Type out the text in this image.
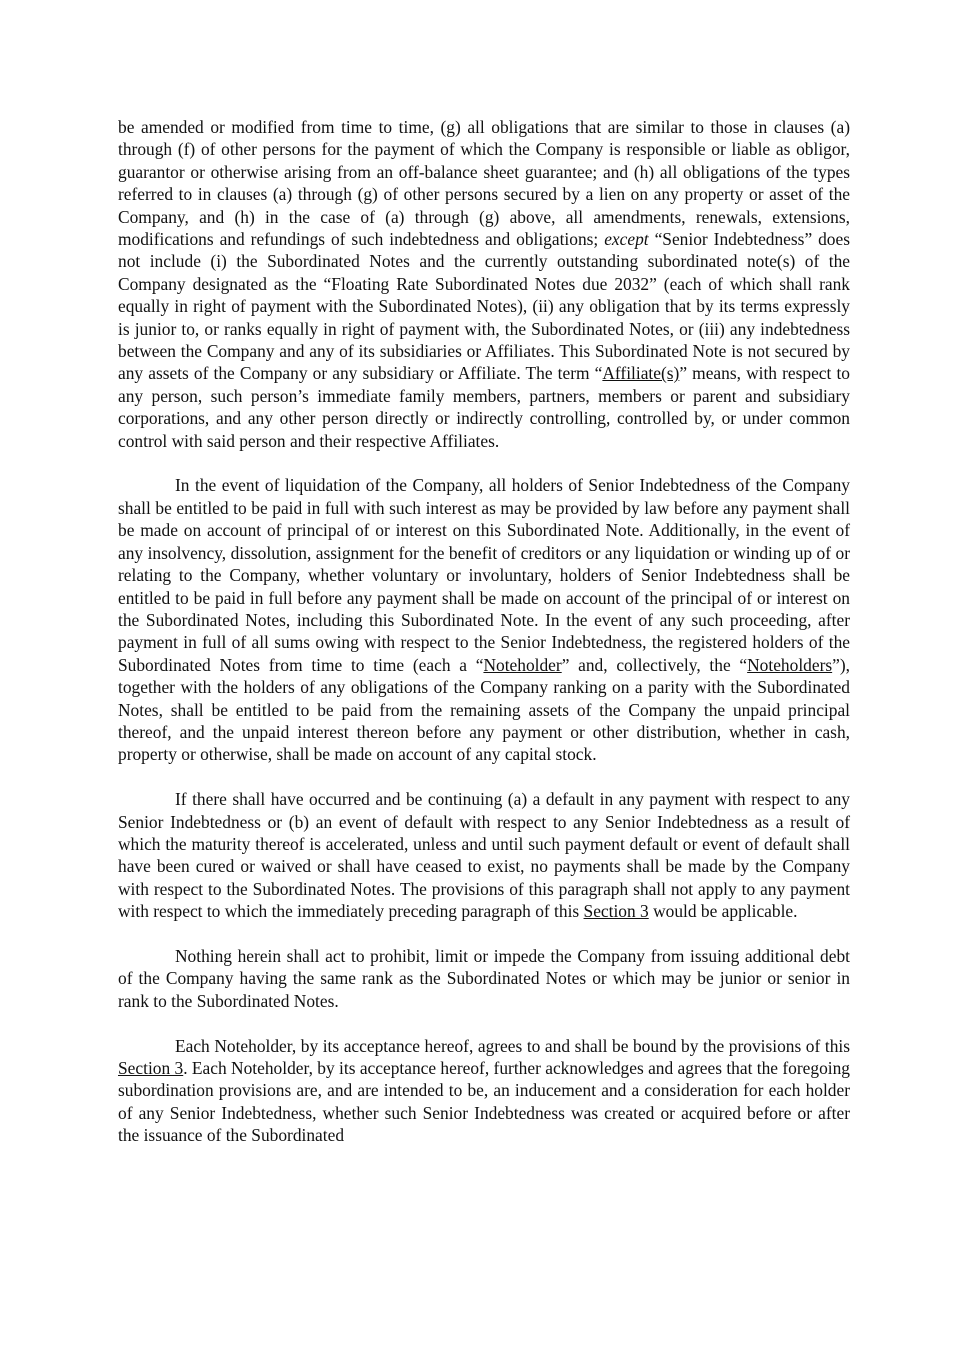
be amended or modified from time to time, (g) all obligations that are similar to those in clauses (a) through (f) of other persons for the payment of which the Company is responsible or liable as obligor, guarantor or otherwise arising from an off-balance sheet guarantee; and (h) all obligations of the types referred to in clauses (a) through (g) of other persons secured by a lien on any property or asset of the Company, and (h) in the case of (a) through (g) above, all amendments, renewals, extensions, modifications and refundings of such indebtedness and obligations; except “Senior Indebtedness” does not include (i) the Subordinated Notes and the currently outstanding subordinated note(s) of the Company designated as the “Floating Rate Subordinated Notes due 2032” (each of which shall rank equally in right of payment with the Subordinated Notes), (ii) any obligation that by its terms expressly is junior to, or ranks equally in right of payment with, the Subordinated Notes, or (iii) any indebtedness between the Company and any of its subsidiaries or Affiliates. This Subordinated Note is not secured by any assets of the Company or any subsidiary or Affiliate. The term “Affiliate(s)” means, with respect to any person, such person’s immediate family members, partners, members or parent and subsidiary corporations, and any other person directly or indirectly controlling, controlled by, or under common control with said person and their respective Affiliates.

In the event of liquidation of the Company, all holders of Senior Indebtedness of the Company shall be entitled to be paid in full with such interest as may be provided by law before any payment shall be made on account of principal of or interest on this Subordinated Note. Additionally, in the event of any insolvency, dissolution, assignment for the benefit of creditors or any liquidation or winding up of or relating to the Company, whether voluntary or involuntary, holders of Senior Indebtedness shall be entitled to be paid in full before any payment shall be made on account of the principal of or interest on the Subordinated Notes, including this Subordinated Note. In the event of any such proceeding, after payment in full of all sums owing with respect to the Senior Indebtedness, the registered holders of the Subordinated Notes from time to time (each a “Noteholder” and, collectively, the “Noteholders”), together with the holders of any obligations of the Company ranking on a parity with the Subordinated Notes, shall be entitled to be paid from the remaining assets of the Company the unpaid principal thereof, and the unpaid interest thereon before any payment or other distribution, whether in cash, property or otherwise, shall be made on account of any capital stock.

If there shall have occurred and be continuing (a) a default in any payment with respect to any Senior Indebtedness or (b) an event of default with respect to any Senior Indebtedness as a result of which the maturity thereof is accelerated, unless and until such payment default or event of default shall have been cured or waived or shall have ceased to exist, no payments shall be made by the Company with respect to the Subordinated Notes. The provisions of this paragraph shall not apply to any payment with respect to which the immediately preceding paragraph of this Section 3 would be applicable.

Nothing herein shall act to prohibit, limit or impede the Company from issuing additional debt of the Company having the same rank as the Subordinated Notes or which may be junior or senior in rank to the Subordinated Notes.

Each Noteholder, by its acceptance hereof, agrees to and shall be bound by the provisions of this Section 3. Each Noteholder, by its acceptance hereof, further acknowledges and agrees that the foregoing subordination provisions are, and are intended to be, an inducement and a consideration for each holder of any Senior Indebtedness, whether such Senior Indebtedness was created or acquired before or after the issuance of the Subordinated
